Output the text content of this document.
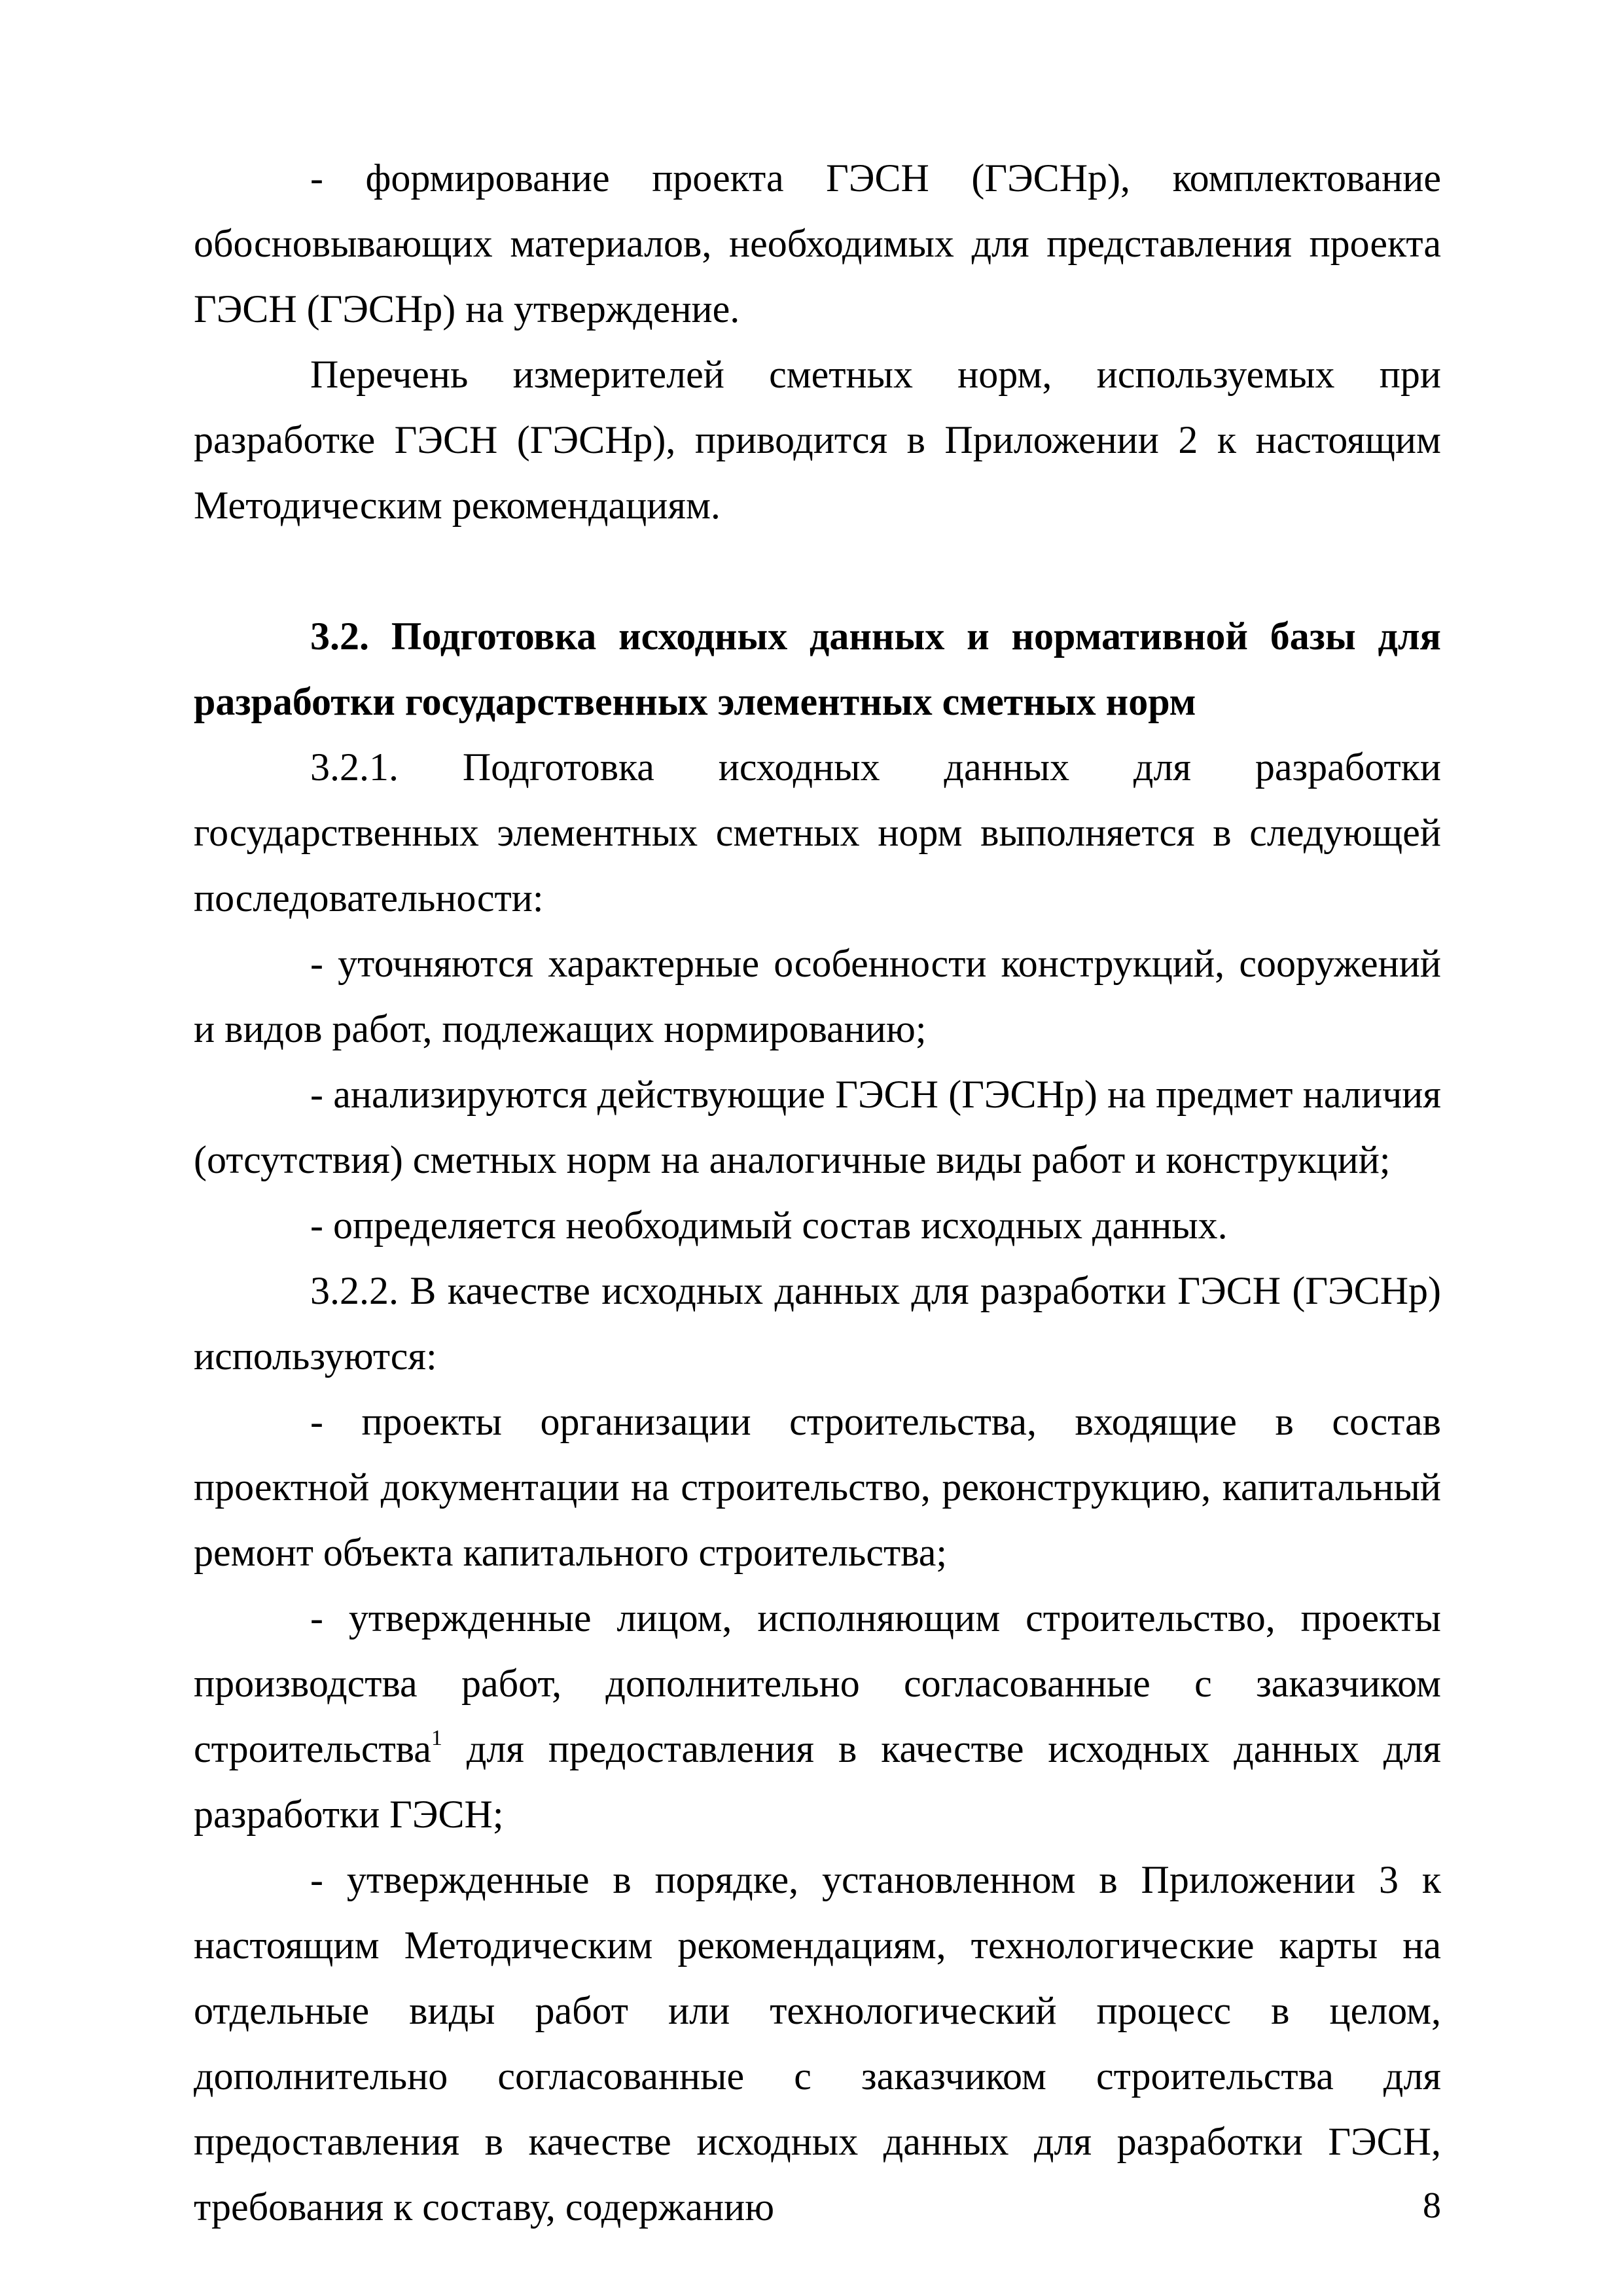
- формирование проекта ГЭСН (ГЭСНр), комплектование обосновывающих материалов, необходимых для представления проекта ГЭСН (ГЭСНр) на утверждение.

Перечень измерителей сметных норм, используемых при разработке ГЭСН (ГЭСНр), приводится в Приложении 2 к настоящим Методическим рекомендациям.

3.2. Подготовка исходных данных и нормативной базы для разработки государственных элементных сметных норм

3.2.1. Подготовка исходных данных для разработки государственных элементных сметных норм выполняется в следующей последовательности:

- уточняются характерные особенности конструкций, сооружений и видов работ, подлежащих нормированию;

- анализируются действующие ГЭСН (ГЭСНр) на предмет наличия (отсутствия) сметных норм на аналогичные виды работ и конструкций;

- определяется необходимый состав исходных данных.

3.2.2. В качестве исходных данных для разработки ГЭСН (ГЭСНр) используются:

- проекты организации строительства, входящие в состав проектной документации на строительство, реконструкцию, капитальный ремонт объекта капитального строительства;

- утвержденные лицом, исполняющим строительство, проекты производства работ, дополнительно согласованные с заказчиком строительства$^1$ для предоставления в качестве исходных данных для разработки ГЭСН;

- утвержденные в порядке, установленном в Приложении 3 к настоящим Методическим рекомендациям, технологические карты на отдельные виды работ или технологический процесс в целом, дополнительно согласованные с заказчиком строительства для предоставления в качестве исходных данных для разработки ГЭСН, требования к составу, содержанию	8
